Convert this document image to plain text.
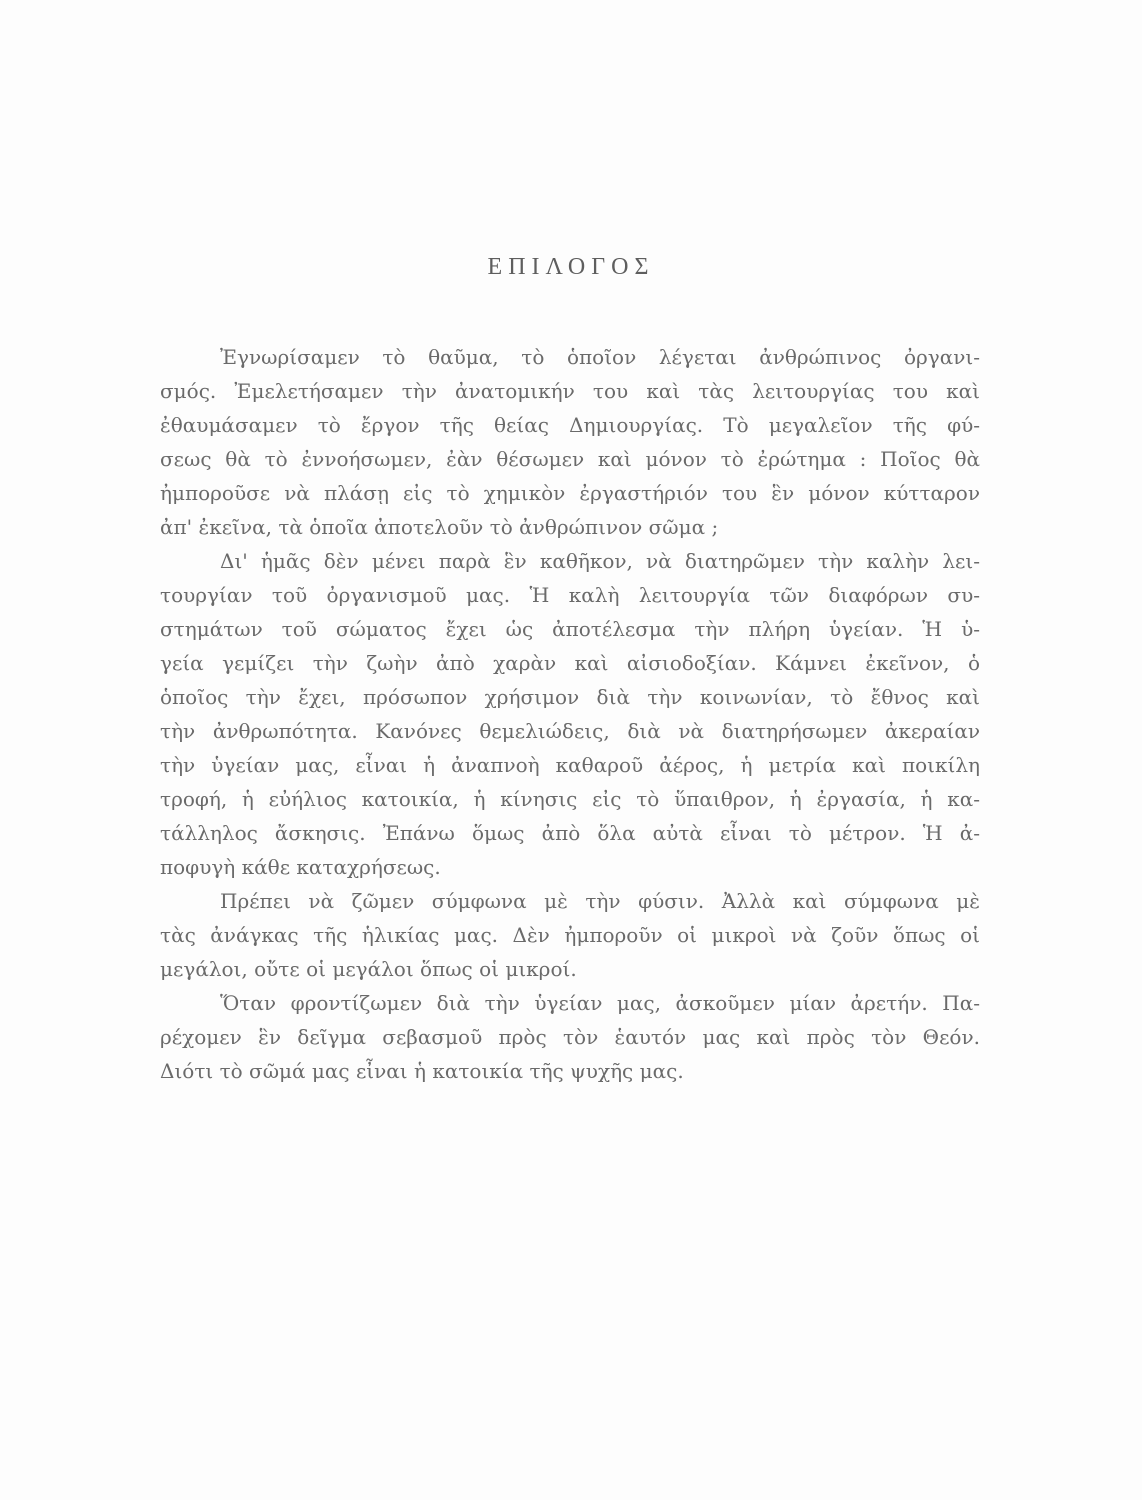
ΕΠΙΛΟΓΟΣ
Ἐγνωρίσαμεν τὸ θαῦμα, τὸ ὁποῖον λέγεται ἀνθρώπινος ὀργανι-
σμός. Ἐμελετήσαμεν τὴν ἀνατομικήν του καὶ τὰς λειτουργίας του καὶ
ἐθαυμάσαμεν τὸ ἔργον τῆς θείας Δημιουργίας. Τὸ μεγαλεῖον τῆς φύ-
σεως θὰ τὸ ἐννοήσωμεν, ἐὰν θέσωμεν καὶ μόνον τὸ ἐρώτημα : Ποῖος θὰ
ἠμποροῦσε νὰ πλάσῃ εἰς τὸ χημικὸν ἐργαστήριόν του ἓν μόνον κύτταρον
ἀπ' ἐκεῖνα, τὰ ὁποῖα ἀποτελοῦν τὸ ἀνθρώπινον σῶμα ;
Δι' ἡμᾶς δὲν μένει παρὰ ἓν καθῆκον, νὰ διατηρῶμεν τὴν καλὴν λει-
τουργίαν τοῦ ὀργανισμοῦ μας. Ἡ καλὴ λειτουργία τῶν διαφόρων συ-
στημάτων τοῦ σώματος ἔχει ὡς ἀποτέλεσμα τὴν πλήρη ὑγείαν. Ἡ ὑ-
γεία γεμίζει τὴν ζωὴν ἀπὸ χαρὰν καὶ αἰσιοδοξίαν. Κάμνει ἐκεῖνον, ὁ
ὁποῖος τὴν ἔχει, πρόσωπον χρήσιμον διὰ τὴν κοινωνίαν, τὸ ἔθνος καὶ
τὴν ἀνθρωπότητα. Κανόνες θεμελιώδεις, διὰ νὰ διατηρήσωμεν ἀκεραίαν
τὴν ὑγείαν μας, εἶναι ἡ ἀναπνοὴ καθαροῦ ἀέρος, ἡ μετρία καὶ ποικίλη
τροφή, ἡ εὐήλιος κατοικία, ἡ κίνησις εἰς τὸ ὕπαιθρον, ἡ ἐργασία, ἡ κα-
τάλληλος ἄσκησις. Ἐπάνω ὅμως ἀπὸ ὅλα αὐτὰ εἶναι τὸ μέτρον. Ἡ ἀ-
ποφυγὴ κάθε καταχρήσεως.
Πρέπει νὰ ζῶμεν σύμφωνα μὲ τὴν φύσιν. Ἀλλὰ καὶ σύμφωνα μὲ
τὰς ἀνάγκας τῆς ἡλικίας μας. Δὲν ἠμποροῦν οἱ μικροὶ νὰ ζοῦν ὅπως οἱ
μεγάλοι, οὔτε οἱ μεγάλοι ὅπως οἱ μικροί.
Ὅταν φροντίζωμεν διὰ τὴν ὑγείαν μας, ἀσκοῦμεν μίαν ἀρετήν. Πα-
ρέχομεν ἓν δεῖγμα σεβασμοῦ πρὸς τὸν ἑαυτόν μας καὶ πρὸς τὸν Θεόν.
Διότι τὸ σῶμά μας εἶναι ἡ κατοικία τῆς ψυχῆς μας.
